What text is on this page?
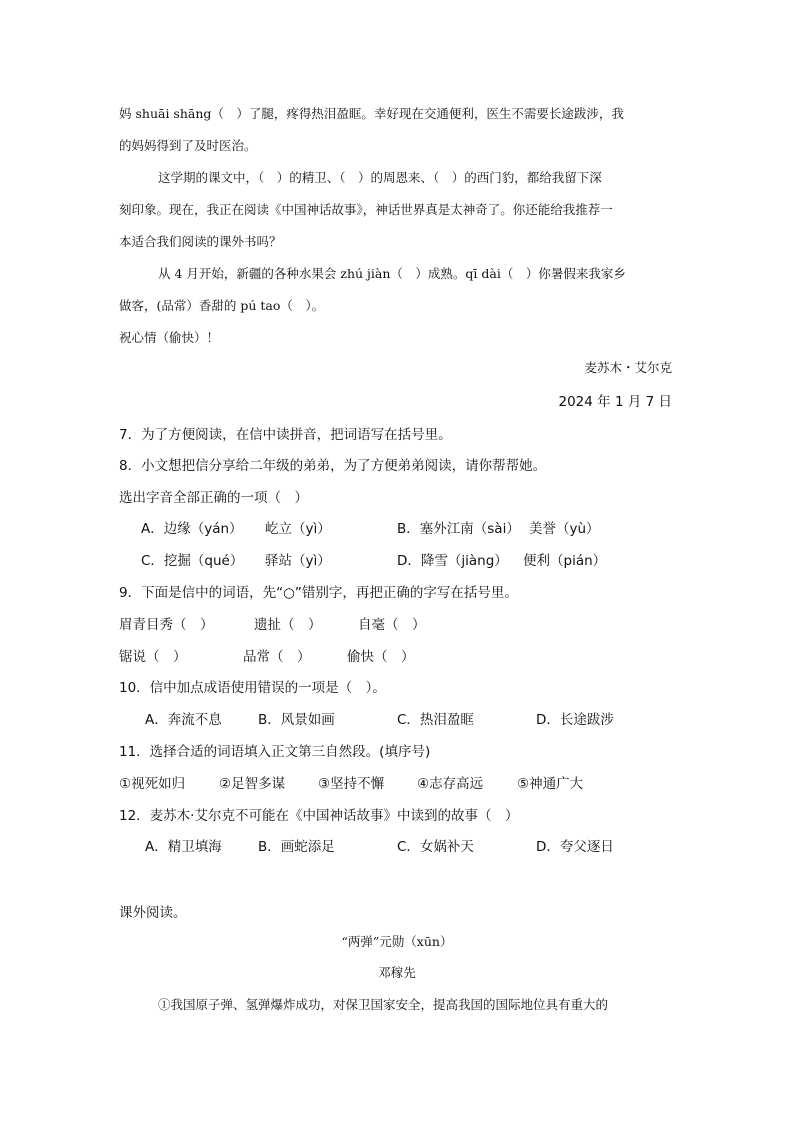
妈 shuāi shāng（　）了腿，疼得热泪盈眶。幸好现在交通便利，医生不需要长途跋涉，我
的妈妈得到了及时医治。
这学期的课文中，（　）的精卫、（　）的周恩来、（　）的西门豹，都给我留下深
刻印象。现在，我正在阅读《中国神话故事》，神话世界真是太神奇了。你还能给我推荐一
本适合我们阅读的课外书吗？
从 4 月开始，新疆的各种水果会 zhú jiàn（　）成熟。qī dài（　）你暑假来我家乡
做客，(品常）香甜的 pú tao（　）。
祝心情（偷快）！
麦苏木・艾尔克
2024 年 1 月 7 日
7．为了方便阅读，在信中读拼音，把词语写在括号里。
8．小文想把信分享给二年级的弟弟，为了方便弟弟阅读，请你帮帮她。
选出字音全部正确的一项（　）
A．边缘（yán） 屹立（yì）	B．塞外江南（sài） 美誉（yù）
C．挖掘（qué） 驿站（yì）	D．降雪（jiàng） 便利（pián）
9．下面是信中的词语，先“○”错别字，再把正确的字写在括号里。
眉青目秀（　）	遗扯（　）	自毫（　）
锯说（　）	品常（　）	偷快（　）
10．信中加点成语使用错误的一项是（　）。
A．奔流不息	B．风景如画	C．热泪盈眶	D．长途跋涉
11．选择合适的词语填入正文第三自然段。(填序号)
①视死如归	②足智多谋 ③坚持不懈 ④志存高远	⑤神通广大
12．麦苏木·艾尔克不可能在《中国神话故事》中读到的故事（　）
A．精卫填海	B．画蛇添足	C．女娲补天	D．夸父逐日
课外阅读。
“两弹”元勋（xūn）
邓稼先
①我国原子弹、氢弹爆炸成功，对保卫国家安全，提高我国的国际地位具有重大的
